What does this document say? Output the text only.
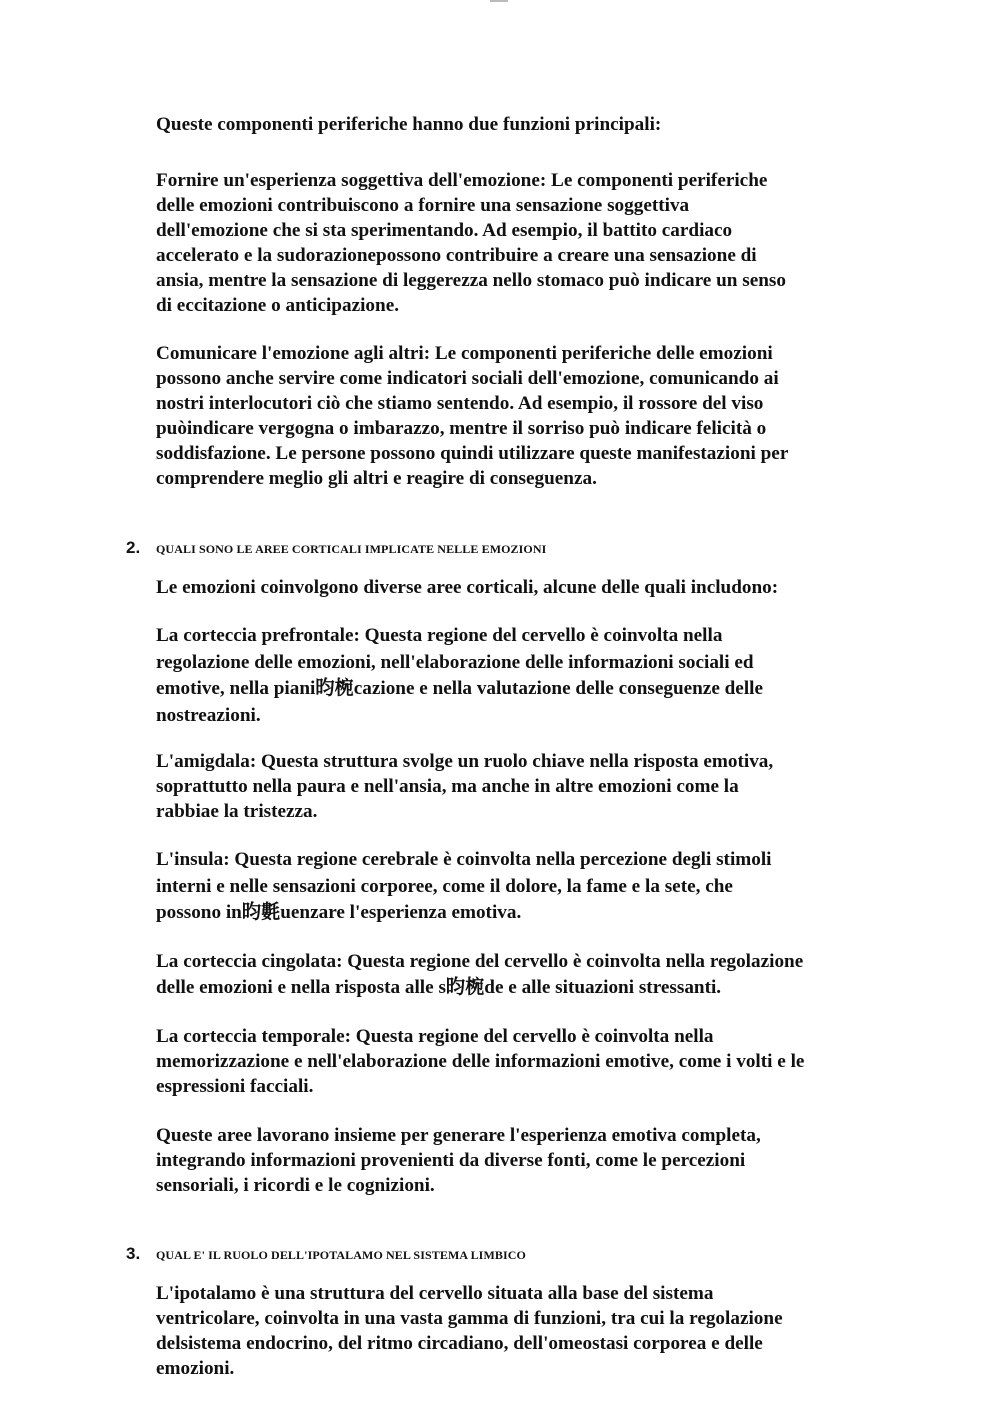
Queste componenti periferiche hanno due funzioni principali:

Fornire un'esperienza soggettiva dell'emozione: Le componenti periferiche
delle emozioni contribuiscono a fornire una sensazione soggettiva
dell'emozione che si sta sperimentando. Ad esempio, il battito cardiaco
accelerato e la sudorazionepossono contribuire a creare una sensazione di
ansia, mentre la sensazione di leggerezza nello stomaco può indicare un senso
di eccitazione o anticipazione.

Comunicare l'emozione agli altri: Le componenti periferiche delle emozioni
possono anche servire come indicatori sociali dell'emozione, comunicando ai
nostri interlocutori ciò che stiamo sentendo. Ad esempio, il rossore del viso
puòindicare vergogna o imbarazzo, mentre il sorriso può indicare felicità o
soddisfazione. Le persone possono quindi utilizzare queste manifestazioni per
comprendere meglio gli altri e reagire di conseguenza.

2.	QUALI SONO LE AREE CORTICALI IMPLICATE NELLE EMOZIONI

Le emozioni coinvolgono diverse aree corticali, alcune delle quali includono:

La corteccia prefrontale: Questa regione del cervello è coinvolta nella
regolazione delle emozioni, nell'elaborazione delle informazioni sociali ed
emotive, nella piani昀椀cazione e nella valutazione delle conseguenze delle
nostreazioni.

L'amigdala: Questa struttura svolge un ruolo chiave nella risposta emotiva,
soprattutto nella paura e nell'ansia, ma anche in altre emozioni come la
rabbiae la tristezza.

L'insula: Questa regione cerebrale è coinvolta nella percezione degli stimoli
interni e nelle sensazioni corporee, come il dolore, la fame e la sete, che
possono in昀氀uenzare l'esperienza emotiva.

La corteccia cingolata: Questa regione del cervello è coinvolta nella regolazione
delle emozioni e nella risposta alle s昀椀de e alle situazioni stressanti.

La corteccia temporale: Questa regione del cervello è coinvolta nella
memorizzazione e nell'elaborazione delle informazioni emotive, come i volti e le
espressioni facciali.

Queste aree lavorano insieme per generare l'esperienza emotiva completa,
integrando informazioni provenienti da diverse fonti, come le percezioni
sensoriali, i ricordi e le cognizioni.

3.	QUAL E' IL RUOLO DELL'IPOTALAMO NEL SISTEMA LIMBICO

L'ipotalamo è una struttura del cervello situata alla base del sistema
ventricolare, coinvolta in una vasta gamma di funzioni, tra cui la regolazione
delsistema endocrino, del ritmo circadiano, dell'omeostasi corporea e delle
emozioni.
